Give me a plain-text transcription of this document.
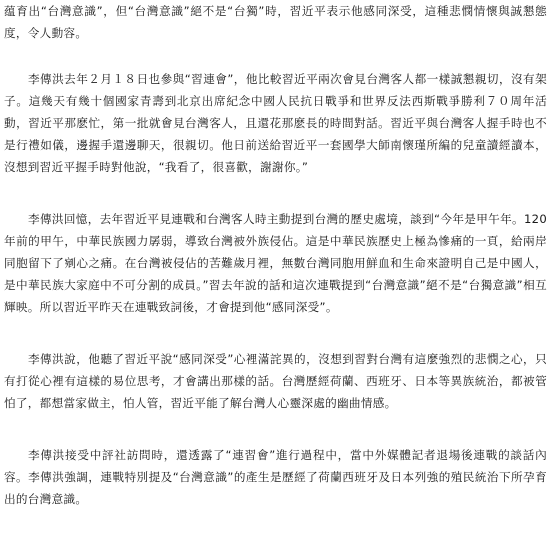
蕴育出“台灣意識”，但“台灣意識”絕不是“台獨”時，習近平表示他感同深受，這種悲憫情懷與誠懇態度，令人動容。

李傳洪去年２月１８日也參與“習連會”，他比較習近平兩次會見台灣客人都一樣誠懇親切，沒有架子。這幾天有幾十個國家青壽到北京出席紀念中國人民抗日戰爭和世界反法西斯戰爭勝利７０周年活動，習近平那麽忙，第一批就會見台灣客人，且還花那麽長的時間對話。習近平與台灣客人握手時也不是行禮如儀，邊握手還邊聊天，很親切。他日前送給習近平一套國學大師南懷瑾所編的兒童讀經讀本，沒想到習近平握手時對他說，“我看了，很喜歡，謝謝你。”

李傳洪回憶，去年習近平見連戰和台灣客人時主動提到台灣的歷史處境，談到“今年是甲午年。120年前的甲午，中華民族國力孱弱，導致台灣被外族侵佔。這是中華民族歷史上極為慘痛的一頁，給兩岸同胞留下了剜心之痛。在台灣被侵佔的苦難歲月裡，無數台灣同胞用鮮血和生命來證明自己是中國人，是中華民族大家庭中不可分割的成員。”習去年說的話和這次連戰提到“台灣意識”絕不是“台獨意識”相互輝映。所以習近平昨天在連戰致詞後，才會提到他“感同深受”。

李傳洪說，他聽了習近平說“感同深受”心裡滿詫異的，沒想到習對台灣有這麼強烈的悲憫之心，只有打從心裡有這樣的易位思考，才會講出那樣的話。台灣歷經荷蘭、西班牙、日本等異族統治，都被管怕了，都想當家做主，怕人管，習近平能了解台灣人心靈深處的幽曲情感。

李傳洪接受中評社訪問時，還透露了“連習會”進行過程中，當中外媒體記者退場後連戰的談話內容。李傳洪強調，連戰特別提及“台灣意識”的產生是歷經了荷蘭西班牙及日本列強的殖民統治下所孕育出的台灣意識。
